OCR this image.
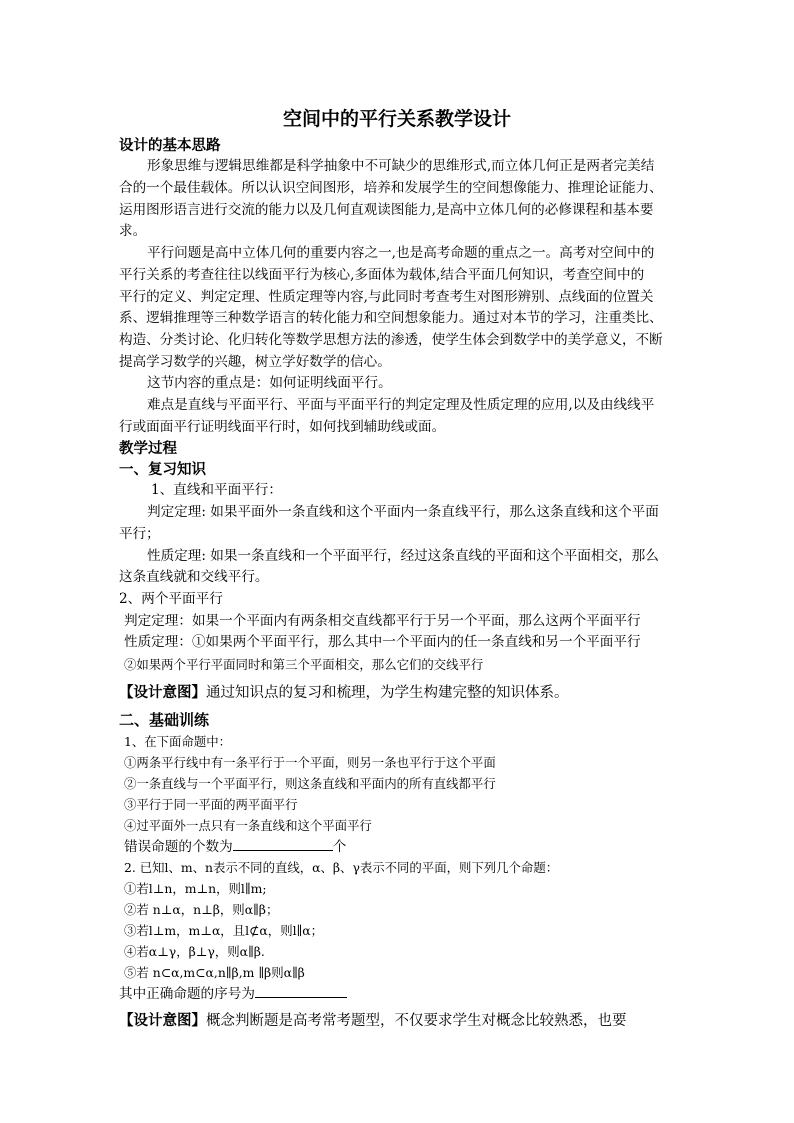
空间中的平行关系教学设计
设计的基本思路
形象思维与逻辑思维都是科学抽象中不可缺少的思维形式,而立体几何正是两者完美结
合的一个最佳载体。所以认识空间图形，培养和发展学生的空间想像能力、推理论证能力、
运用图形语言进行交流的能力以及几何直观读图能力,是高中立体几何的必修课程和基本要
求。
平行问题是高中立体几何的重要内容之一,也是高考命题的重点之一。高考对空间中的
平行关系的考查往往以线面平行为核心,多面体为载体,结合平面几何知识，考查空间中的
平行的定义、判定定理、性质定理等内容,与此同时考查考生对图形辨别、点线面的位置关
系、逻辑推理等三种数学语言的转化能力和空间想象能力。通过对本节的学习，注重类比、
构造、分类讨论、化归转化等数学思想方法的渗透，使学生体会到数学中的美学意义，不断
提高学习数学的兴趣，树立学好数学的信心。
这节内容的重点是：如何证明线面平行。
难点是直线与平面平行、平面与平面平行的判定定理及性质定理的应用,以及由线线平
行或面面平行证明线面平行时，如何找到辅助线或面。
教学过程
一、复习知识
1、直线和平面平行：
判定定理: 如果平面外一条直线和这个平面内一条直线平行，那么这条直线和这个平面
平行；
性质定理: 如果一条直线和一个平面平行，经过这条直线的平面和这个平面相交，那么
这条直线就和交线平行。
2、两个平面平行
判定定理：如果一个平面内有两条相交直线都平行于另一个平面，那么这两个平面平行
性质定理：①如果两个平面平行，那么其中一个平面内的任一条直线和另一个平面平行
②如果两个平行平面同时和第三个平面相交，那么它们的交线平行
【设计意图】通过知识点的复习和梳理，为学生构建完整的知识体系。
二、基础训练
1、在下面命题中：
①两条平行线中有一条平行于一个平面，则另一条也平行于这个平面
②一条直线与一个平面平行，则这条直线和平面内的所有直线都平行
③平行于同一平面的两平面平行
④过平面外一点只有一条直线和这个平面平行
错误命题的个数为	个
2. 已知l、m、n表示不同的直线，α、β、γ表示不同的平面，则下列几个命题：
①若l⊥n，m⊥n，则l∥m;
②若 n⊥α，n⊥β，则α∥β；
③若l⊥m，m⊥α，且l⊄α，则l∥α；
④若α⊥γ，β⊥γ，则α∥β.
⑤若 n⊂α,m⊂α,n∥β,m ∥β则α∥β
其中正确命题的序号为
【设计意图】概念判断题是高考常考题型，不仅要求学生对概念比较熟悉，也要
